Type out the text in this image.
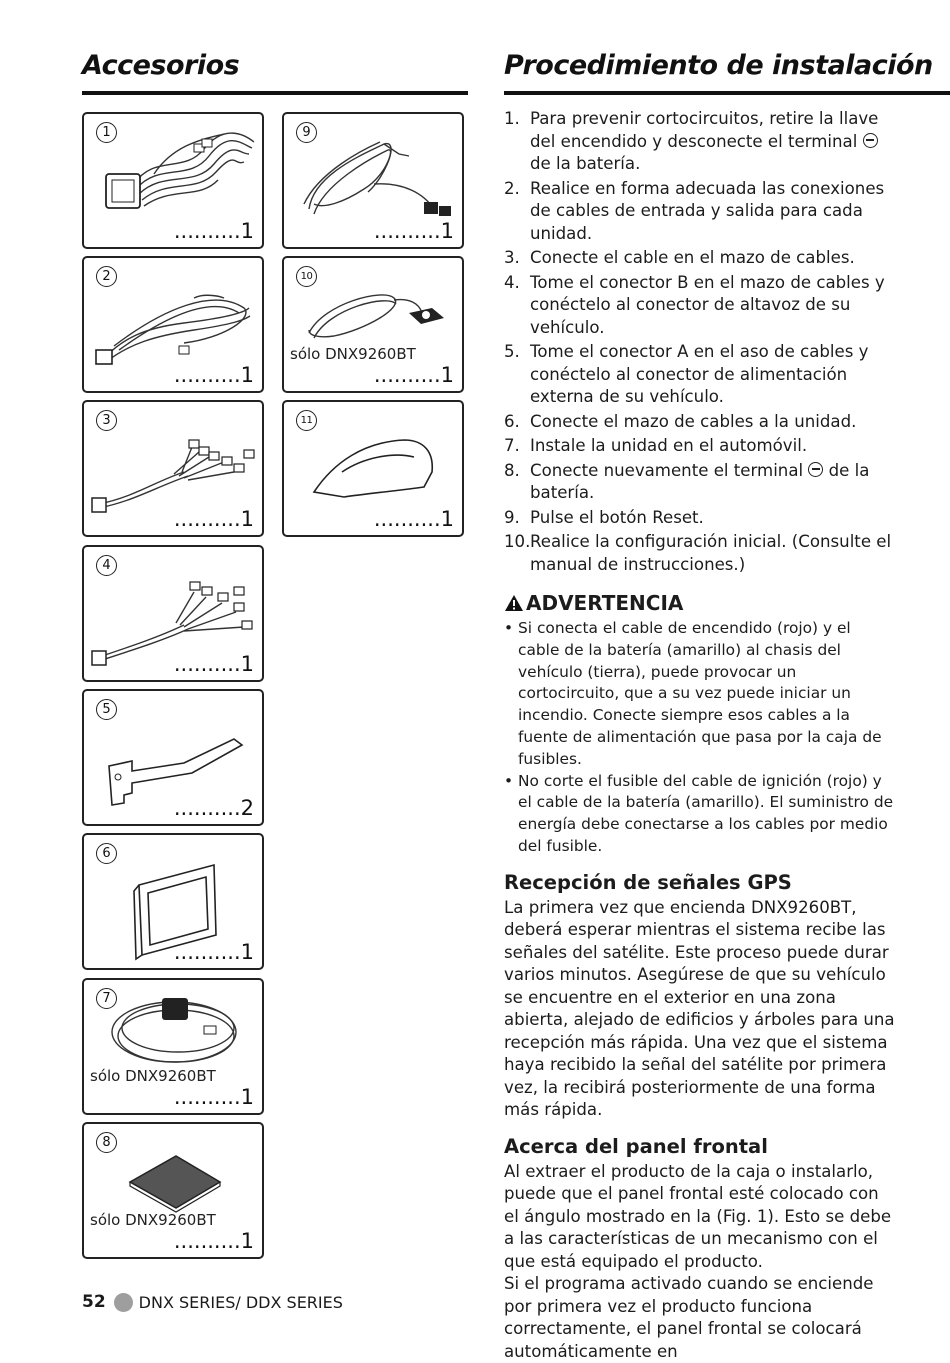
Accesorios
1
..........1
2
..........1
3
..........1
4
..........1
5
..........2
6
..........1
7
sólo DNX9260BT
..........1
8
sólo DNX9260BT
..........1
9
..........1
10
sólo DNX9260BT
..........1
11
..........1
Procedimiento de instalación
1. Para prevenir cortocircuitos, retire la llave del encendido y desconecte el terminal  de la batería.
2. Realice en forma adecuada las conexiones de cables de entrada y salida para cada unidad.
3. Conecte el cable en el mazo de cables.
4. Tome el conector B en el mazo de cables y conéctelo al conector de altavoz de su vehículo.
5. Tome el conector A en el aso de cables y conéctelo al conector de alimentación externa de su vehículo.
6. Conecte el mazo de cables a la unidad.
7. Instale la unidad en el automóvil.
8. Conecte nuevamente el terminal  de la batería.
9. Pulse el botón Reset.
10. Realice la configuración inicial. (Consulte el manual de instrucciones.)
ADVERTENCIA
• Si conecta el cable de encendido (rojo) y el cable de la batería (amarillo) al chasis del vehículo (tierra), puede provocar un cortocircuito, que a su vez puede iniciar un incendio. Conecte siempre esos cables a la fuente de alimentación que pasa por la caja de fusibles.
• No corte el fusible del cable de ignición (rojo) y el cable de la batería (amarillo). El suministro de energía debe conectarse a los cables por medio del fusible.
Recepción de señales GPS

La primera vez que encienda DNX9260BT, deberá esperar mientras el sistema recibe las señales del satélite. Este proceso puede durar varios minutos. Asegúrese de que su vehículo se encuentre en el exterior en una zona abierta, alejado de edificios y árboles para una recepción más rápida. Una vez que el sistema haya recibido la señal del satélite por primera vez, la recibirá posteriormente de una forma más rápida.

Acerca del panel frontal

Al extraer el producto de la caja o instalarlo, puede que el panel frontal esté colocado con el ángulo mostrado en la (Fig. 1). Esto se debe a las características de un mecanismo con el que está equipado el producto.

Si el programa activado cuando se enciende por primera vez el producto funciona correctamente, el panel frontal se colocará automáticamente en

52 DNX SERIES/ DDX SERIES
